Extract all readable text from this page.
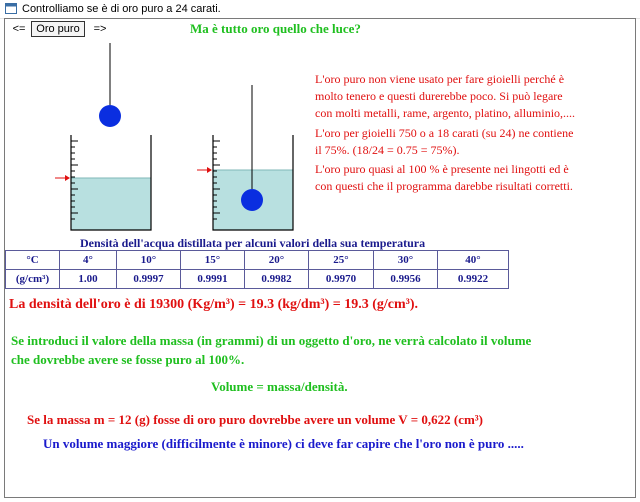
Controlliamo se è di oro puro a 24 carati.
<= Oro puro	=>	Ma è tutto oro quello che luce?
L'oro puro non viene usato per fare gioielli perché è
molto tenero e questi durerebbe poco. Si può legare
con molti metalli, rame, argento, platino, alluminio,....
L'oro per gioielli 750 o a 18 carati (su 24) ne contiene
il 75%. (18/24 = 0.75 = 75%).
L'oro puro quasi al 100 % è presente nei lingotti ed è
con questi che il programma darebbe risultati corretti.
Densità dell'acqua distillata per alcuni valori della sua temperatura
°C	4°	10°	15°	20°	25°	30°	40°
(g/cm³)	1.00	0.9997	0.9991	0.9982	0.9970	0.9956	0.9922
La densità dell'oro è di 19300 (Kg/m³) = 19.3 (kg/dm³) = 19.3 (g/cm³).
Se introduci il valore della massa (in grammi) di un oggetto d'oro, ne verrà calcolato il volume
che dovrebbe avere se fosse puro al 100%.
Volume = massa/densità.
Se la massa m = 12 (g) fosse di oro puro dovrebbe avere un volume V = 0,622 (cm³)
Un volume maggiore (difficilmente è minore) ci deve far capire che l'oro non è puro .....
